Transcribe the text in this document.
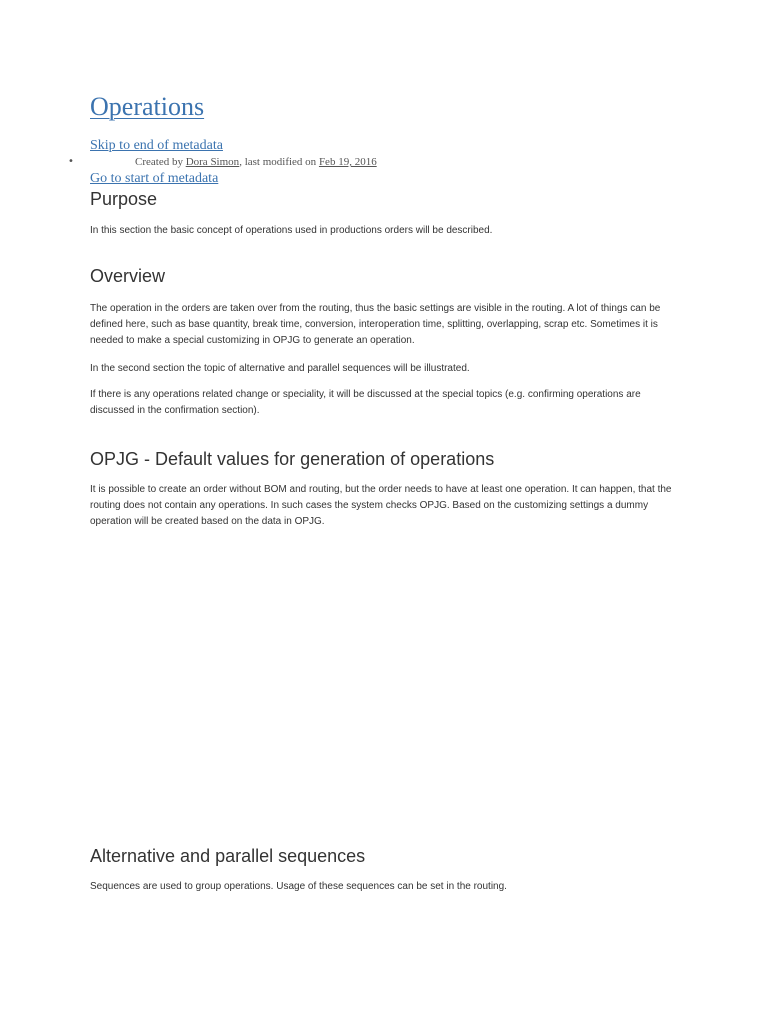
Operations
Skip to end of metadata
•	Created by Dora Simon, last modified on Feb 19, 2016
Go to start of metadata
Purpose

In this section the basic concept of operations used in productions orders will be described.

Overview

The operation in the orders are taken over from the routing, thus the basic settings are visible in the routing. A lot of things can be defined here, such as base quantity, break time, conversion, interoperation time, splitting, overlapping, scrap etc. Sometimes it is needed to make a special customizing in OPJG to generate an operation.

In the second section the topic of alternative and parallel sequences will be illustrated.

If there is any operations related change or speciality, it will be discussed at the special topics (e.g. confirming operations are discussed in the confirmation section).

OPJG - Default values for generation of operations

It is possible to create an order without BOM and routing, but the order needs to have at least one operation. It can happen, that the routing does not contain any operations. In such cases the system checks OPJG. Based on the customizing settings a dummy operation will be created based on the data in OPJG.

Alternative and parallel sequences

Sequences are used to group operations. Usage of these sequences can be set in the routing.
